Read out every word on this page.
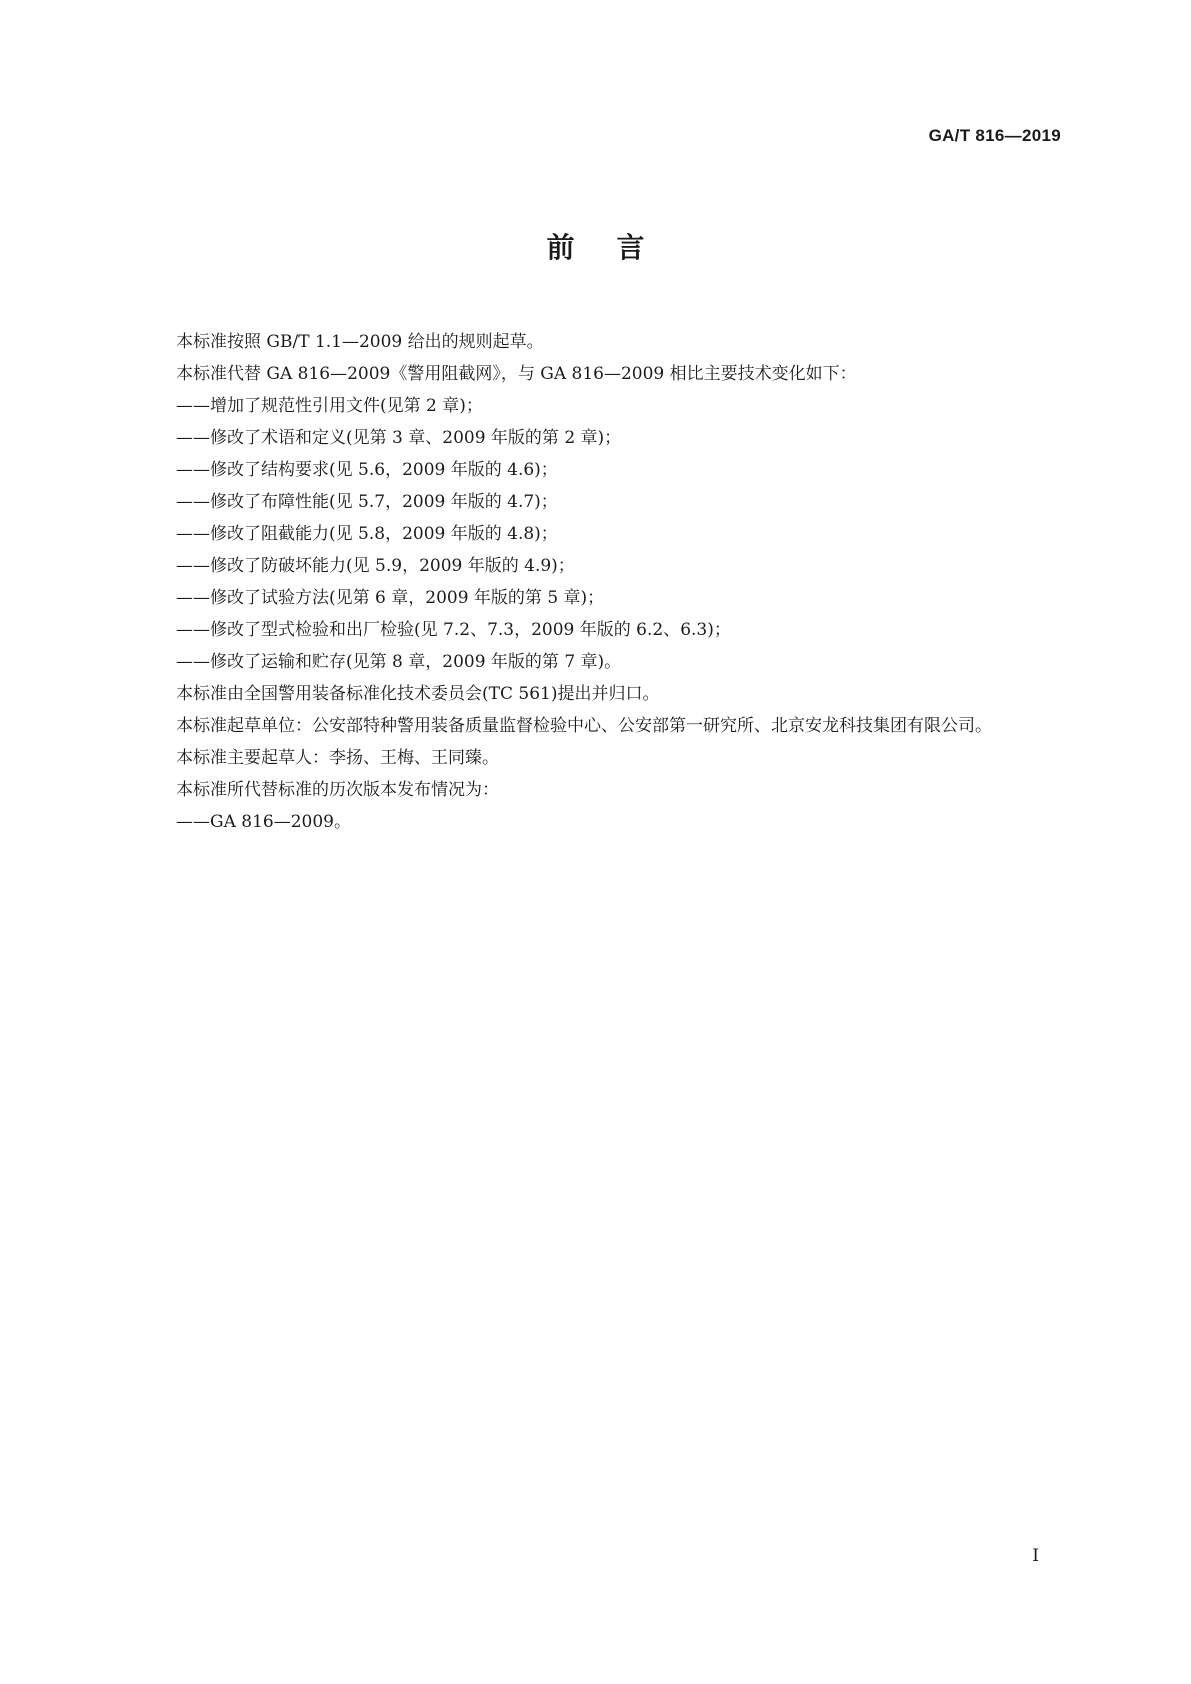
GA/T 816—2019
前言

本标准按照 GB/T 1.1—2009 给出的规则起草。

本标准代替 GA 816—2009《警用阻截网》，与 GA 816—2009 相比主要技术变化如下：

——增加了规范性引用文件(见第 2 章)；

——修改了术语和定义(见第 3 章、2009 年版的第 2 章)；

——修改了结构要求(见 5.6，2009 年版的 4.6)；

——修改了布障性能(见 5.7，2009 年版的 4.7)；

——修改了阻截能力(见 5.8，2009 年版的 4.8)；

——修改了防破坏能力(见 5.9，2009 年版的 4.9)；

——修改了试验方法(见第 6 章，2009 年版的第 5 章)；

——修改了型式检验和出厂检验(见 7.2、7.3，2009 年版的 6.2、6.3)；

——修改了运输和贮存(见第 8 章，2009 年版的第 7 章)。

本标准由全国警用装备标准化技术委员会(TC 561)提出并归口。

本标准起草单位：公安部特种警用装备质量监督检验中心、公安部第一研究所、北京安龙科技集团有限公司。

本标准主要起草人：李扬、王梅、王同臻。

本标准所代替标准的历次版本发布情况为：

——GA 816—2009。

I
